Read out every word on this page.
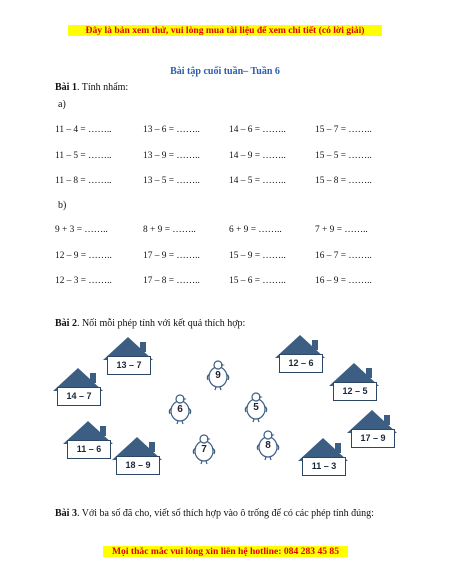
Đây là bản xem thử, vui lòng mua tài liệu để xem chi tiết (có lời giải)
Bài tập cuối tuần– Tuần 6
Bài 1. Tính nhẩm:
a)
11 – 4 = ……..	13 – 6 = ……..	14 – 6 = ……..	15 – 7 = ……..
11 – 5 = ……..	13 – 9 = ……..	14 – 9 = ……..	15 – 5 = ……..
11 – 8 = ……..	13 – 5 = ……..	14 – 5 = ……..	15 – 8 = ……..
b)
9 + 3 = ……..	8 + 9 = ……..	6 + 9 = ……..	7 + 9 = ……..
12 – 9 = ……..	17 – 9 = ……..	15 – 9 = ……..	16 – 7 = ……..
12 – 3 = ……..	17 – 8 = ……..	15 – 6 = ……..	16 – 9 = ……..
Bài 2. Nối mỗi phép tính với kết quả thích hợp:
13 – 7
14 – 7
11 – 6
18 – 9
12 – 6
12 – 5
17 – 9
11 – 3
9
6	5
7	8
Bài 3. Với ba số đã cho, viết số thích hợp vào ô trống để có các phép tính đúng:
Mọi thắc mắc vui lòng xin liên hệ hotline: 084 283 45 85
